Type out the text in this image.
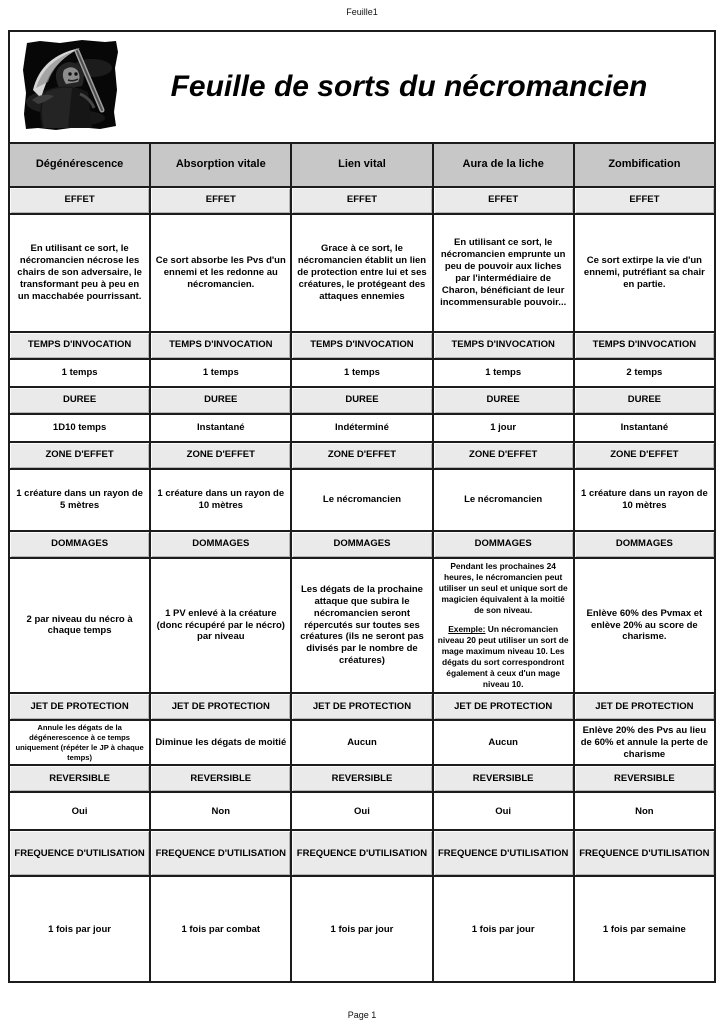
Feuille1
Feuille de sorts du nécromancien				

Dégénérescence	Absorption vitale	Lien vital	Aura de la liche	Zombification
EFFET	EFFET	EFFET	EFFET	EFFET
En utilisant ce sort, le nécromancien nécrose les chairs de son adversaire, le transformant peu à peu en un macchabée pourrissant.	Ce sort absorbe les Pvs d'un ennemi et les redonne au nécromancien.	Grace à ce sort, le nécromancien établit un lien de protection entre lui et ses créatures, le protégeant des attaques ennemies	En utilisant ce sort, le nécromancien emprunte un peu de pouvoir aux liches par l'intermédiaire de Charon, bénéficiant de leur incommensurable pouvoir...	Ce sort extirpe la vie d'un ennemi, putréfiant sa chair en partie.
TEMPS D'INVOCATION	TEMPS D'INVOCATION	TEMPS D'INVOCATION	TEMPS D'INVOCATION	TEMPS D'INVOCATION
1 temps	1 temps	1 temps	1 temps	2 temps
DUREE	DUREE	DUREE	DUREE	DUREE
1D10 temps	Instantané	Indéterminé	1 jour	Instantané
ZONE D'EFFET	ZONE D'EFFET	ZONE D'EFFET	ZONE D'EFFET	ZONE D'EFFET
1 créature dans un rayon de 5 mètres	1 créature dans un rayon de 10 mètres	Le nécromancien	Le nécromancien	1 créature dans un rayon de 10 mètres
DOMMAGES	DOMMAGES	DOMMAGES	DOMMAGES	DOMMAGES
2 par niveau du nécro à chaque temps	1 PV enlevé à la créature (donc récupéré par le nécro) par niveau	Les dégats de la prochaine attaque que subira le nécromancien seront répercutés sur toutes ses créatures (ils ne seront pas divisés par le nombre de créatures)	Pendant les prochaines 24 heures, le nécromancien peut utiliser un seul et unique sort de magicien équivalent à la moitié de son niveau.
Exemple: Un nécromancien niveau 20 peut utiliser un sort de mage maximum niveau 10. Les dégats du sort correspondront également à ceux d'un mage niveau 10.	Enlève 60% des Pvmax et enlève 20% au score de charisme.
JET DE PROTECTION	JET DE PROTECTION	JET DE PROTECTION	JET DE PROTECTION	JET DE PROTECTION
Annule les dégats de la dégénerescence à ce temps uniquement (répéter le JP à chaque temps)	Diminue les dégats de moitié	Aucun	Aucun	Enlève 20% des Pvs au lieu de 60% et annule la perte de charisme
REVERSIBLE	REVERSIBLE	REVERSIBLE	REVERSIBLE	REVERSIBLE
Oui	Non	Oui	Oui	Non
FREQUENCE D'UTILISATION	FREQUENCE D'UTILISATION	FREQUENCE D'UTILISATION	FREQUENCE D'UTILISATION	FREQUENCE D'UTILISATION
1 fois par jour	1 fois par combat	1 fois par jour	1 fois par jour	1 fois par semaine
Page 1
